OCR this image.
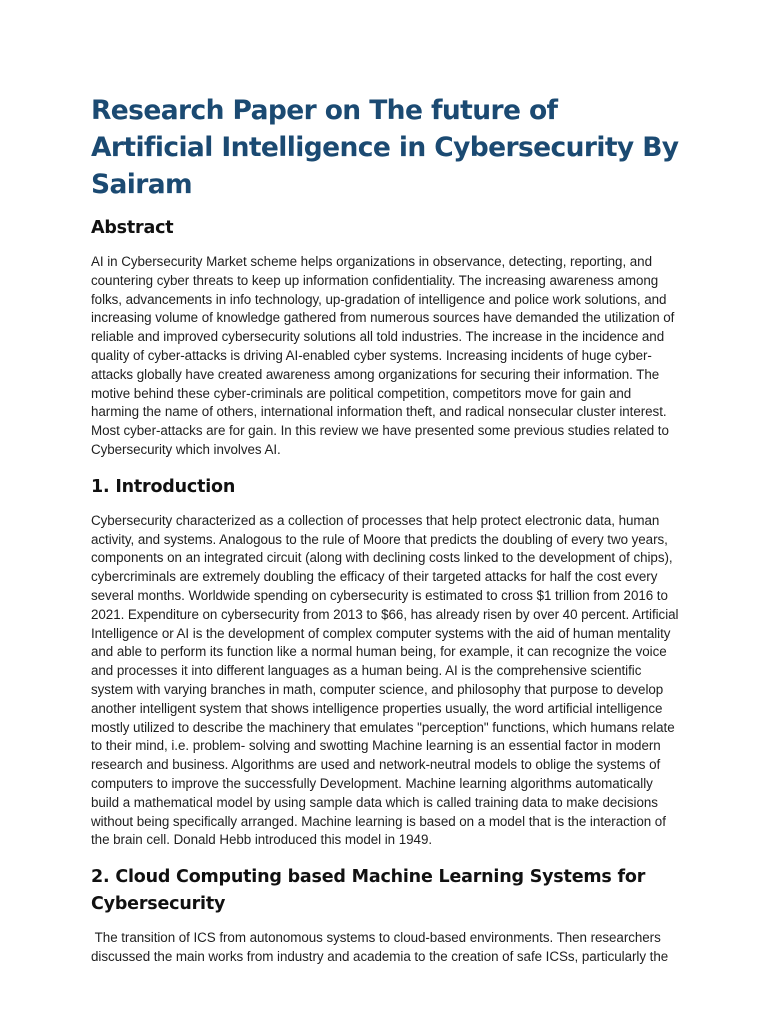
Research Paper on The future of Artificial Intelligence in Cybersecurity By Sairam
Abstract

AI in Cybersecurity Market scheme helps organizations in observance, detecting, reporting, and countering cyber threats to keep up information confidentiality. The increasing awareness among folks, advancements in info technology, up-gradation of intelligence and police work solutions, and increasing volume of knowledge gathered from numerous sources have demanded the utilization of reliable and improved cybersecurity solutions all told industries. The increase in the incidence and quality of cyber-attacks is driving AI-enabled cyber systems. Increasing incidents of huge cyber-attacks globally have created awareness among organizations for securing their information. The motive behind these cyber-criminals are political competition, competitors move for gain and harming the name of others, international information theft, and radical nonsecular cluster interest. Most cyber-attacks are for gain. In this review we have presented some previous studies related to Cybersecurity which involves AI.

1. Introduction

Cybersecurity characterized as a collection of processes that help protect electronic data, human activity, and systems. Analogous to the rule of Moore that predicts the doubling of every two years, components on an integrated circuit (along with declining costs linked to the development of chips), cybercriminals are extremely doubling the efficacy of their targeted attacks for half the cost every several months. Worldwide spending on cybersecurity is estimated to cross $1 trillion from 2016 to 2021. Expenditure on cybersecurity from 2013 to $66, has already risen by over 40 percent. Artificial Intelligence or AI is the development of complex computer systems with the aid of human mentality and able to perform its function like a normal human being, for example, it can recognize the voice and processes it into different languages as a human being. AI is the comprehensive scientific system with varying branches in math, computer science, and philosophy that purpose to develop another intelligent system that shows intelligence properties usually, the word artificial intelligence mostly utilized to describe the machinery that emulates "perception" functions, which humans relate to their mind, i.e. problem- solving and swotting Machine learning is an essential factor in modern research and business. Algorithms are used and network-neutral models to oblige the systems of computers to improve the successfully Development. Machine learning algorithms automatically build a mathematical model by using sample data which is called training data to make decisions without being specifically arranged. Machine learning is based on a model that is the interaction of the brain cell. Donald Hebb introduced this model in 1949.

2. Cloud Computing based Machine Learning Systems for Cybersecurity

The transition of ICS from autonomous systems to cloud-based environments. Then researchers discussed the main works from industry and academia to the creation of safe ICSs, particularly the
